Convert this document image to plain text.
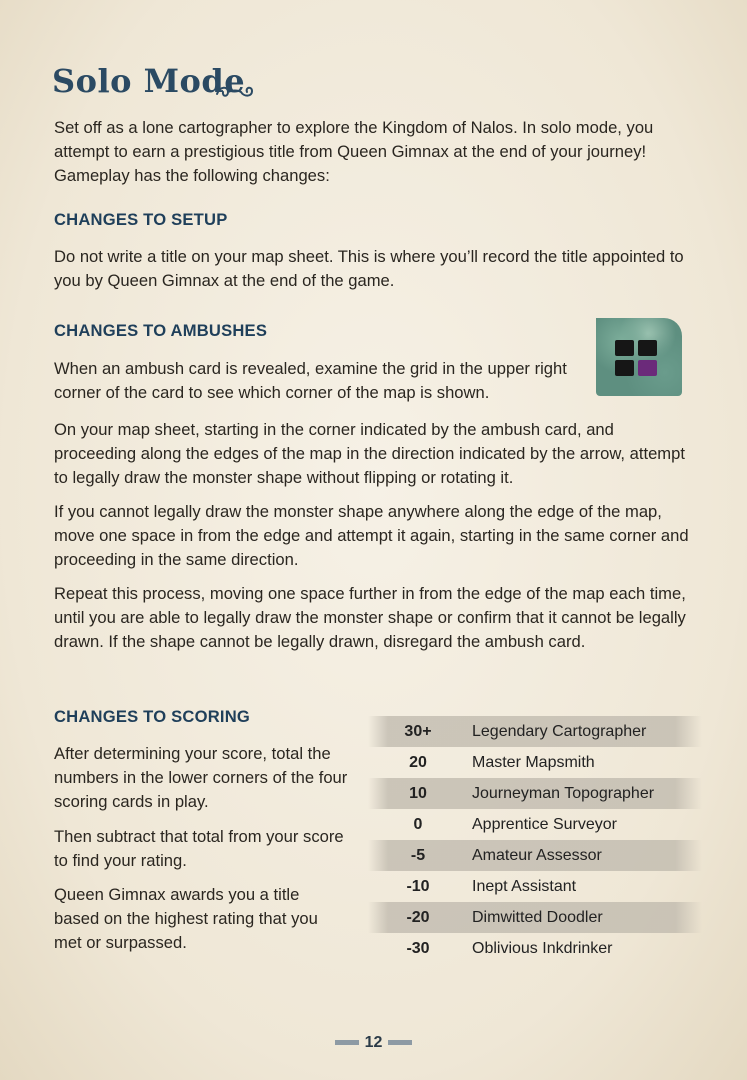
Solo Mode

Set off as a lone cartographer to explore the Kingdom of Nalos. In solo mode, you attempt to earn a prestigious title from Queen Gimnax at the end of your journey! Gameplay has the following changes:

CHANGES TO SETUP

Do not write a title on your map sheet. This is where you’ll record the title appointed to you by Queen Gimnax at the end of the game.

CHANGES TO AMBUSHES

When an ambush card is revealed, examine the grid in the upper right corner of the card to see which corner of the map is shown.

On your map sheet, starting in the corner indicated by the ambush card, and proceeding along the edges of the map in the direction indicated by the arrow, attempt to legally draw the monster shape without flipping or rotating it.

If you cannot legally draw the monster shape anywhere along the edge of the map, move one space in from the edge and attempt it again, starting in the same corner and proceeding in the same direction.

Repeat this process, moving one space further in from the edge of the map each time, until you are able to legally draw the monster shape or confirm that it cannot be legally drawn. If the shape cannot be legally drawn, disregard the ambush card.

CHANGES TO SCORING

After determining your score, total the numbers in the lower corners of the four scoring cards in play.

Then subtract that total from your score to find your rating.

Queen Gimnax awards you a title based on the highest rating that you met or surpassed.

30+	Legendary Cartographer
20	Master Mapsmith
10	Journeyman Topographer
0	Apprentice Surveyor
-5	Amateur Assessor
-10	Inept Assistant
-20	Dimwitted Doodler
-30	Oblivious Inkdrinker
12
